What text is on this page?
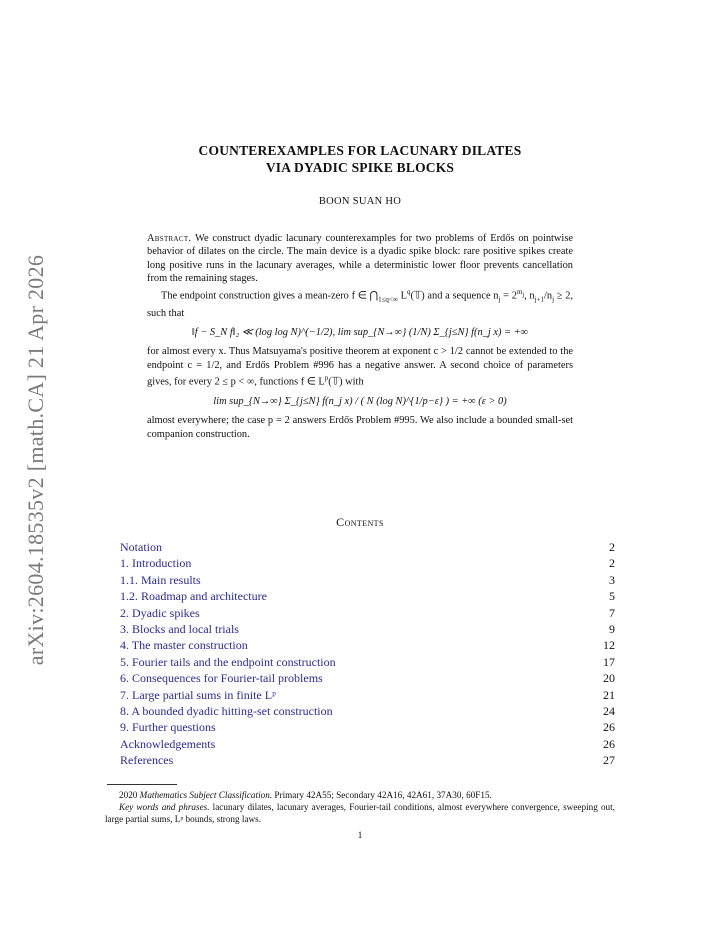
arXiv:2604.18535v2 [math.CA] 21 Apr 2026
COUNTEREXAMPLES FOR LACUNARY DILATES
VIA DYADIC SPIKE BLOCKS
BOON SUAN HO

Abstract. We construct dyadic lacunary counterexamples for two problems of Erdős on pointwise behavior of dilates on the circle. The main device is a dyadic spike block: rare positive spikes create long positive runs in the lacunary averages, while a deterministic lower floor prevents cancellation from the remaining stages.

The endpoint construction gives a mean-zero f ∈ $⋂_{1\le q<\infty}$ $L^q(𝕋)$ and a sequence $n_j = 2^{m_j}$, $n_{j+1}/n_j \ge 2$, such that

‖f − S_N f‖₂ ≪ (log log N)^(−1/2), lim sup_{N→∞} (1/N) Σ_{j≤N} f(n_j x) = +∞

for almost every x. Thus Matsuyama's positive theorem at exponent c > 1/2 cannot be extended to the endpoint c = 1/2, and Erdős Problem #996 has a negative answer. A second choice of parameters gives, for every 2 ≤ p < ∞, functions f ∈ $L^p(𝕋)$ with

lim sup_{N→∞} Σ_{j≤N} f(n_j x) / ( N (log N)^{1/p−ε} ) = +∞ (ε > 0)

almost everywhere; the case p = 2 answers Erdős Problem #995. We also include a bounded small-set companion construction.

Contents
Notation	2
1. Introduction	2
1.1. Main results	3
1.2. Roadmap and architecture	5
2. Dyadic spikes	7
3. Blocks and local trials	9
4. The master construction	12
5. Fourier tails and the endpoint construction	17
6. Consequences for Fourier-tail problems	20
7. Large partial sums in finite Lᵖ	21
8. A bounded dyadic hitting-set construction	24
9. Further questions	26
Acknowledgements	26
References	27

2020 Mathematics Subject Classification. Primary 42A55; Secondary 42A16, 42A61, 37A30, 60F15.

Key words and phrases. lacunary dilates, lacunary averages, Fourier-tail conditions, almost everywhere convergence, sweeping out, large partial sums, Lᵖ bounds, strong laws.

1
